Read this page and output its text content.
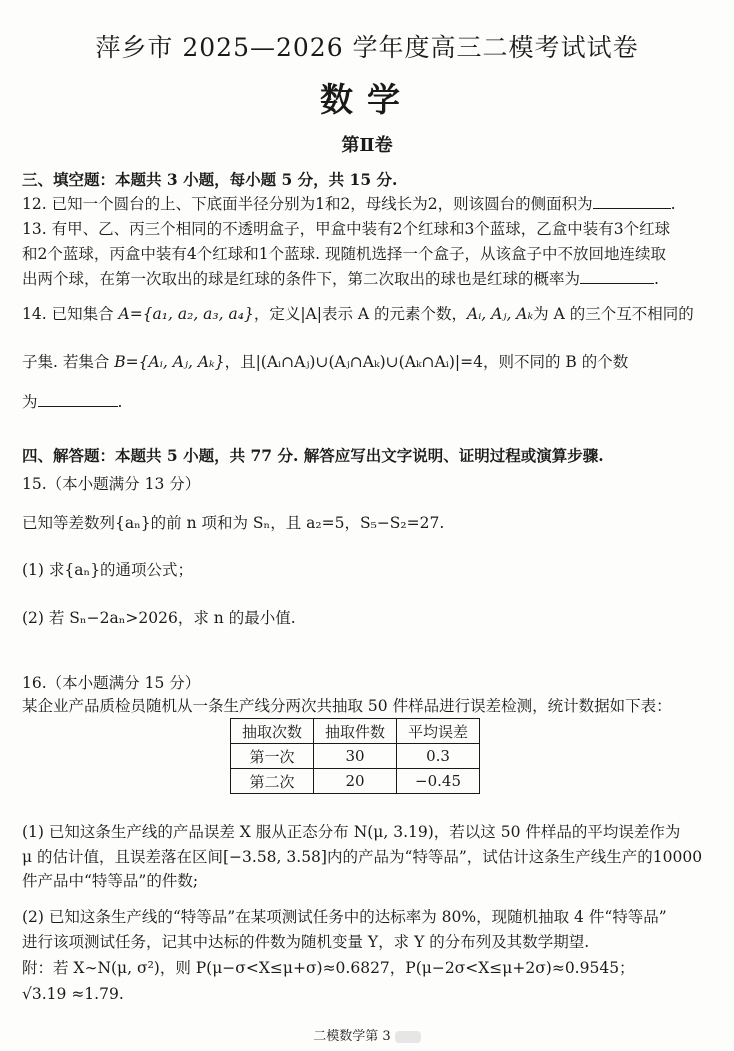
萍乡市 2025—2026 学年度高三二模考试试卷
数学
第Ⅱ卷
三、填空题：本题共 3 小题，每小题 5 分，共 15 分.
12. 已知一个圆台的上、下底面半径分别为1和2，母线长为2，则该圆台的侧面积为	.
13. 有甲、乙、丙三个相同的不透明盒子，甲盒中装有2个红球和3个蓝球，乙盒中装有3个红球
和2个蓝球，丙盒中装有4个红球和1个蓝球. 现随机选择一个盒子，从该盒子中不放回地连续取
出两个球，在第一次取出的球是红球的条件下，第二次取出的球也是红球的概率为	.
14. 已知集合 A={a₁, a₂, a₃, a₄}，定义|A|表示 A 的元素个数，Aᵢ, Aⱼ, Aₖ为 A 的三个互不相同的
子集. 若集合 B={Aᵢ, Aⱼ, Aₖ}，且|(Aᵢ∩Aⱼ)∪(Aⱼ∩Aₖ)∪(Aₖ∩Aᵢ)|=4，则不同的 B 的个数
为	.
四、解答题：本题共 5 小题，共 77 分. 解答应写出文字说明、证明过程或演算步骤.
15.（本小题满分 13 分）
已知等差数列{aₙ}的前 n 项和为 Sₙ，且 a₂=5，S₅−S₂=27.
(1) 求{aₙ}的通项公式；
(2) 若 Sₙ−2aₙ>2026，求 n 的最小值.
16.（本小题满分 15 分）
某企业产品质检员随机从一条生产线分两次共抽取 50 件样品进行误差检测，统计数据如下表：
抽取次数	抽取件数	平均误差
第一次	30	0.3
第二次	20	−0.45
(1) 已知这条生产线的产品误差 X 服从正态分布 N(μ, 3.19)，若以这 50 件样品的平均误差作为
μ 的估计值，且误差落在区间[−3.58, 3.58]内的产品为“特等品”，试估计这条生产线生产的10000
件产品中“特等品”的件数;
(2) 已知这条生产线的“特等品”在某项测试任务中的达标率为 80%，现随机抽取 4 件“特等品”
进行该项测试任务，记其中达标的件数为随机变量 Y，求 Y 的分布列及其数学期望.
附：若 X∼N(μ, σ²)，则 P(μ−σ<X≤μ+σ)≈0.6827，P(μ−2σ<X≤μ+2σ)≈0.9545；
√3.19 ≈1.79.
二模数学第 3
